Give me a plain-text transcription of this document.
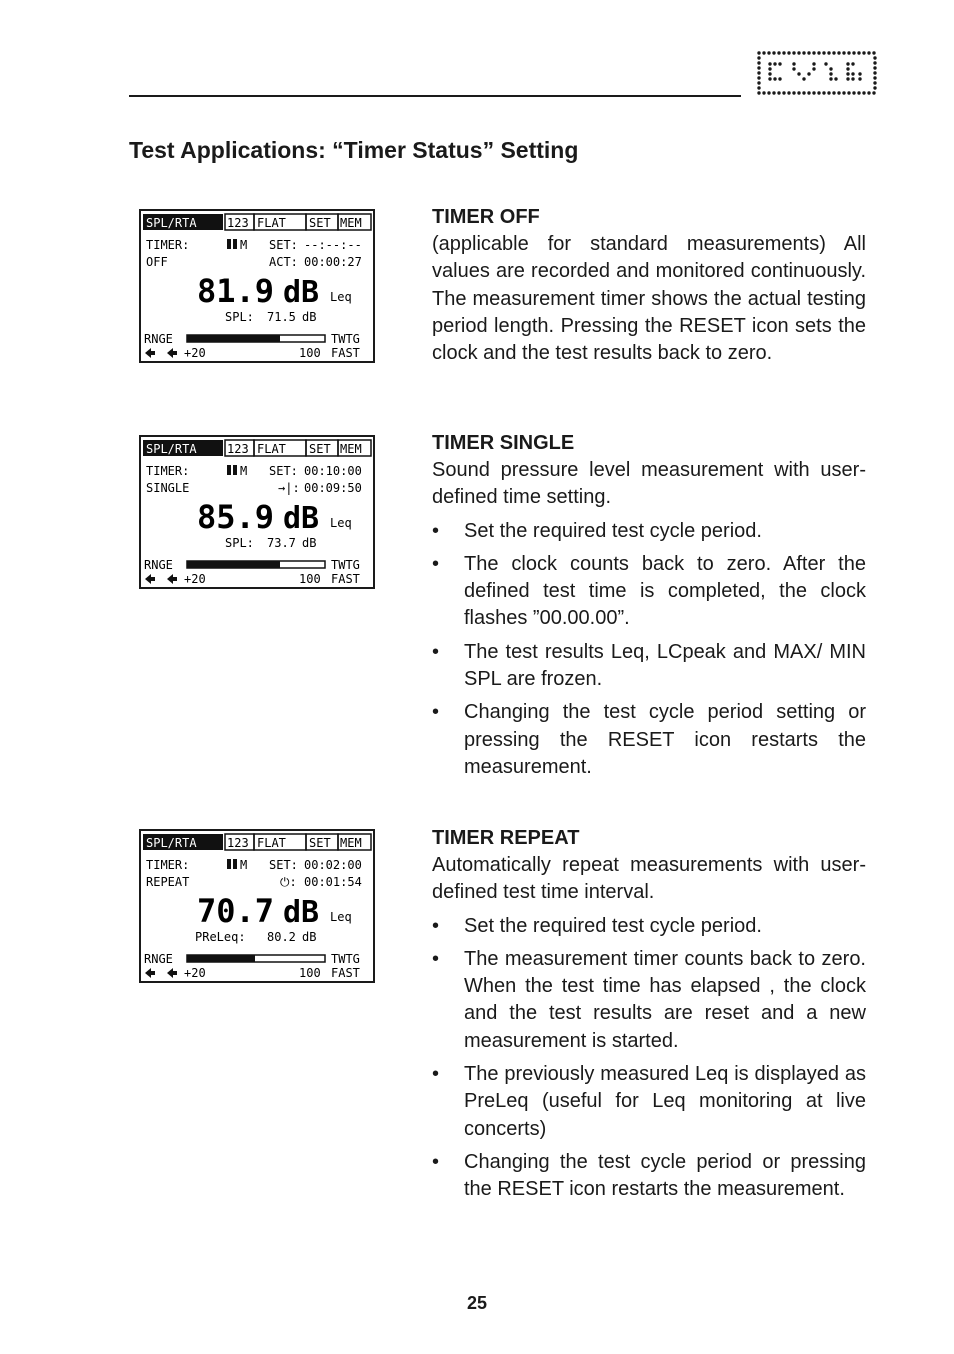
Test Applications: “Timer Status” Setting
SPL/RTA	123 FLAT SET MEM
TIMER:	M SET: --:--:--
OFF	ACT: 00:00:27
81.9 dB Leq
SPL: 71.5 dB
RNGE	TWTG
+20	100 FAST
SPL/RTA	123 FLAT SET MEM
TIMER:	M SET: 00:10:00
SINGLE	→|: 00:09:50
85.9 dB Leq
SPL: 73.7 dB
RNGE	TWTG
+20	100 FAST
SPL/RTA	123 FLAT SET MEM
TIMER:	M SET: 00:02:00
REPEAT	⏻: 00:01:54
70.7 dB Leq
PReLeq: 80.2 dB
RNGE	TWTG
+20	100 FAST
TIMER OFF

(applicable for standard measurements) All values are recorded and monitored continuously. The measurement timer shows the actual testing period length. Pressing the RESET icon sets the clock and the test results back to zero.

TIMER SINGLE

Sound pressure level measurement with user-defined time setting.

• Set the required test cycle period.
• The clock counts back to zero. After the defined test time is completed, the clock flashes ”00.00.00”.
• The test results Leq, LCpeak and MAX/ MIN SPL are frozen.
• Changing the test cycle period setting or pressing the RESET icon restarts the measurement.
TIMER REPEAT

Automatically repeat measurements with user-defined test time interval.

• Set the required test cycle period.
• The measurement timer counts back to zero. When the test time has elapsed , the clock and the test results are reset and a new measurement is started.
• The previously measured Leq is displayed as PreLeq (useful for Leq monitoring at live concerts)
• Changing the test cycle period or pressing the RESET icon restarts the measurement.
25
